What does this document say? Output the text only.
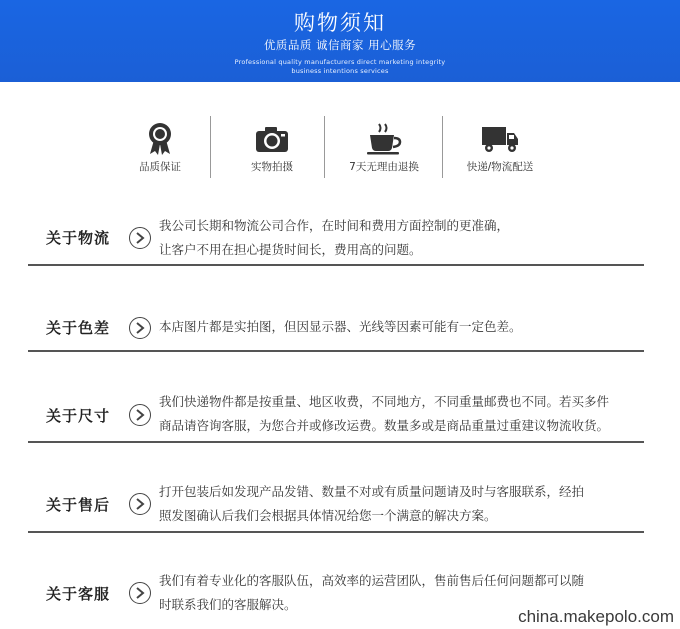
购物须知
优质品质 诚信商家 用心服务
Professional quality manufacturers direct marketing integrity
business intentions services
品质保证	实物拍摄	7天无理由退换	快递/物流配送
关于物流
我公司长期和物流公司合作，在时间和费用方面控制的更准确，
让客户不用在担心提货时间长，费用高的问题。
关于色差	本店图片都是实拍图，但因显示器、光线等因素可能有一定色差。
关于尺寸
我们快递物件都是按重量、地区收费，不同地方，不同重量邮费也不同。若买多件
商品请咨询客服，为您合并或修改运费。数量多或是商品重量过重建议物流收货。
关于售后
打开包装后如发现产品发错、数量不对或有质量问题请及时与客服联系，经拍
照发图确认后我们会根据具体情况给您一个满意的解决方案。
关于客服
我们有着专业化的客服队伍，高效率的运营团队，售前售后任何问题都可以随
时联系我们的客服解决。
china.makepolo.com
